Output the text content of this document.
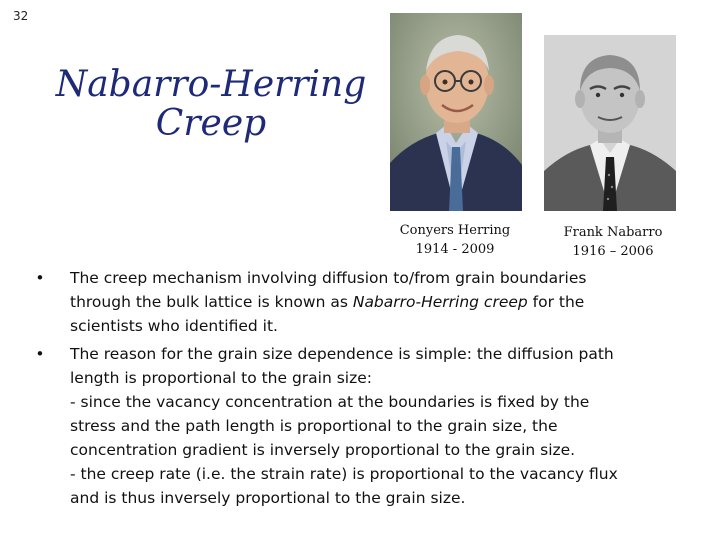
32
Nabarro-Herring
Creep
Conyers Herring
1914 - 2009
Frank Nabarro
1916 – 2006
•	The creep mechanism involving diffusion to/from grain boundaries
through the bulk lattice is known as Nabarro-Herring creep for the
scientists who identified it.
•	The reason for the grain size dependence is simple: the diffusion path
length is proportional to the grain size:
- since the vacancy concentration at the boundaries is fixed by the
stress and the path length is proportional to the grain size, the
concentration gradient is inversely proportional to the grain size.
- the creep rate (i.e. the strain rate) is proportional to the vacancy flux
and is thus inversely proportional to the grain size.
